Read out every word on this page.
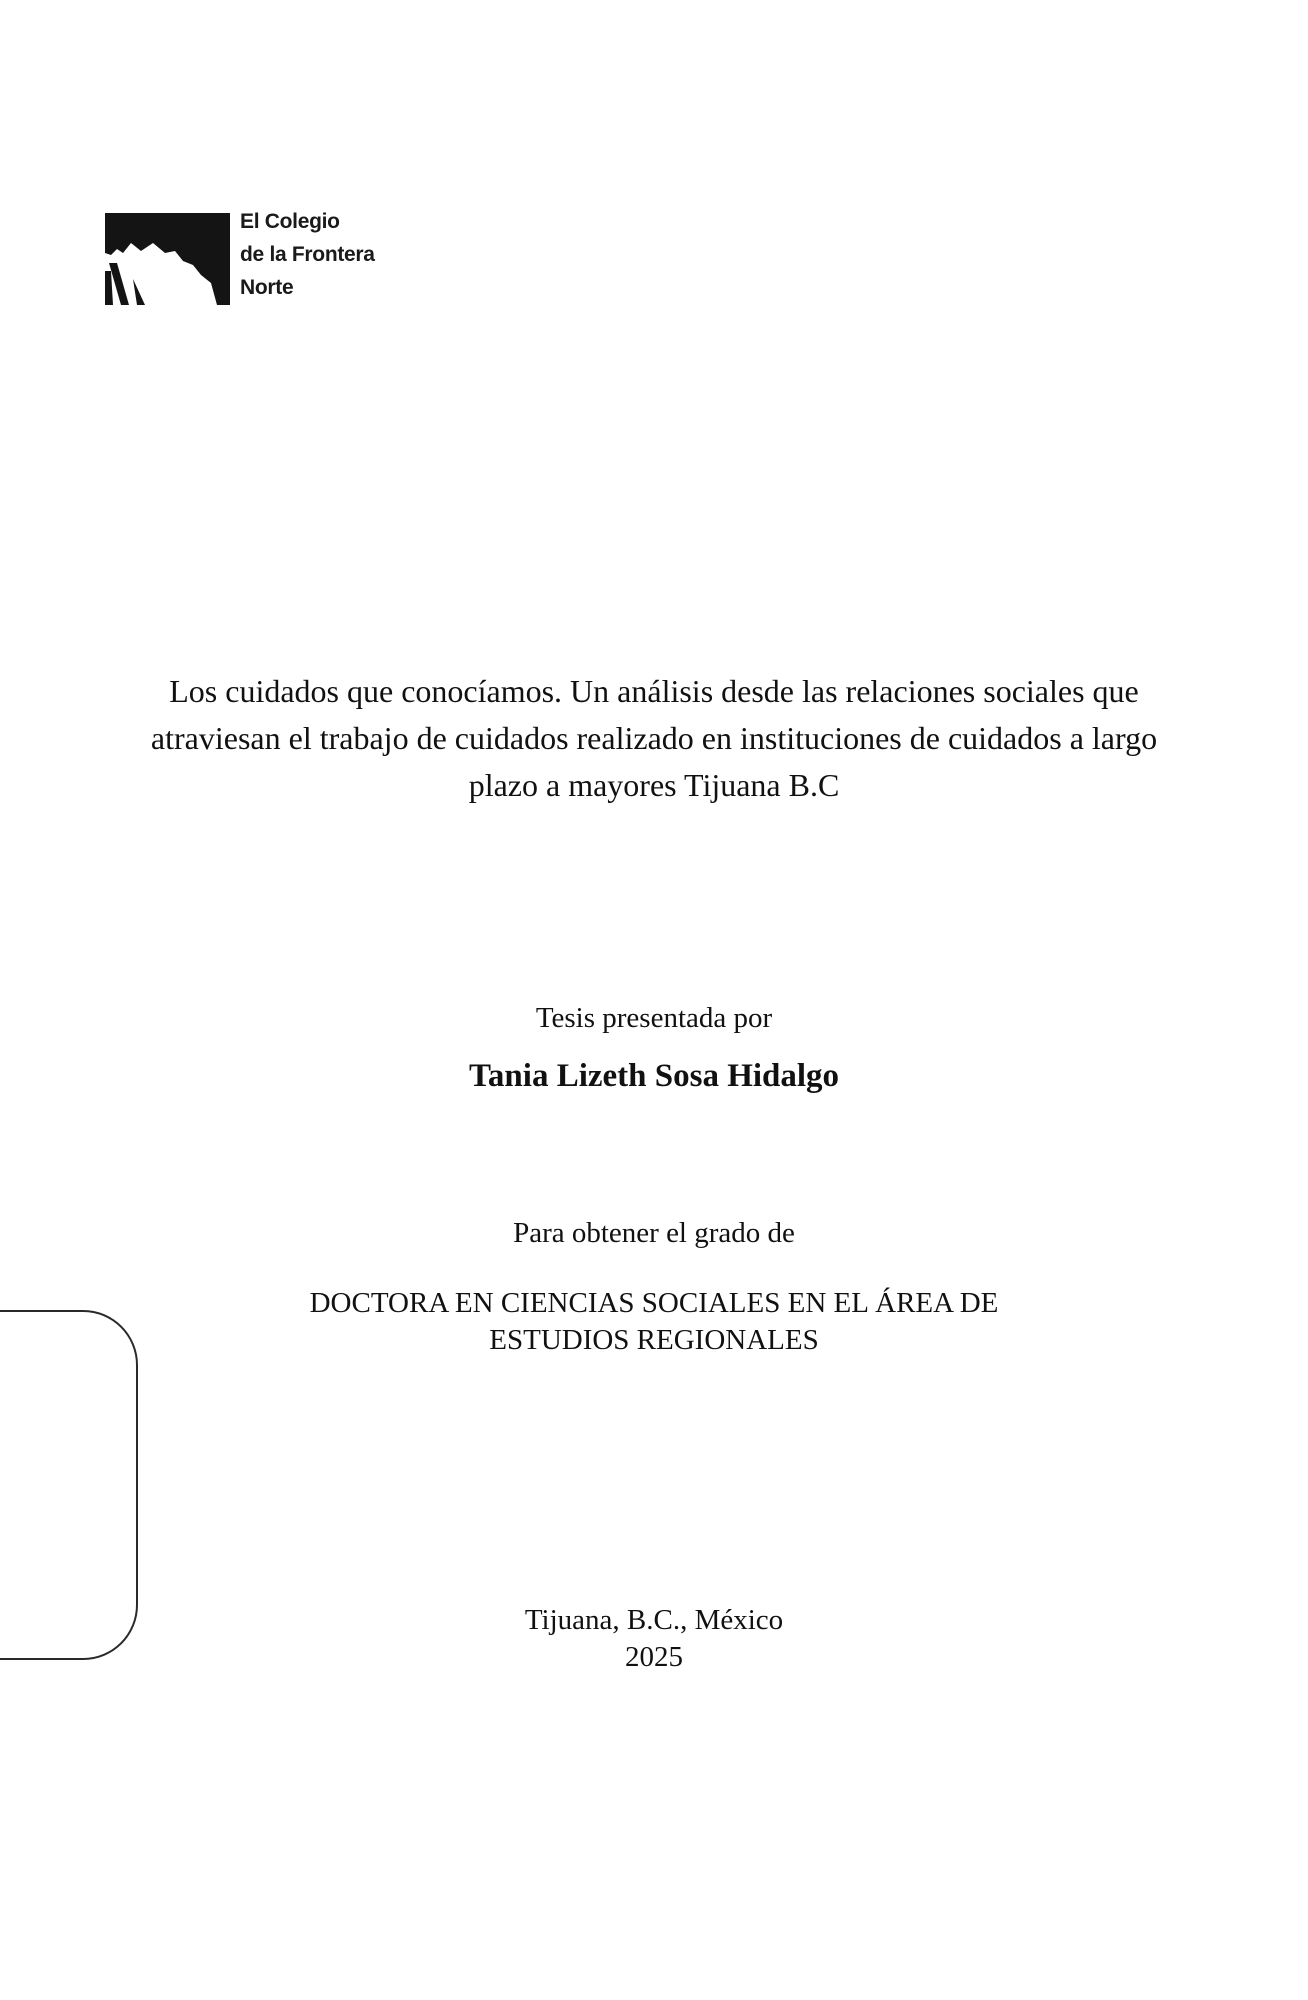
El Colegio
de la Frontera
Norte
Los cuidados que conocíamos. Un análisis desde las relaciones sociales que
atraviesan el trabajo de cuidados realizado en instituciones de cuidados a largo
plazo a mayores Tijuana B.C
Tesis presentada por
Tania Lizeth Sosa Hidalgo
Para obtener el grado de
DOCTORA EN CIENCIAS SOCIALES EN EL ÁREA DE
ESTUDIOS REGIONALES
Tijuana, B.C., México
2025
